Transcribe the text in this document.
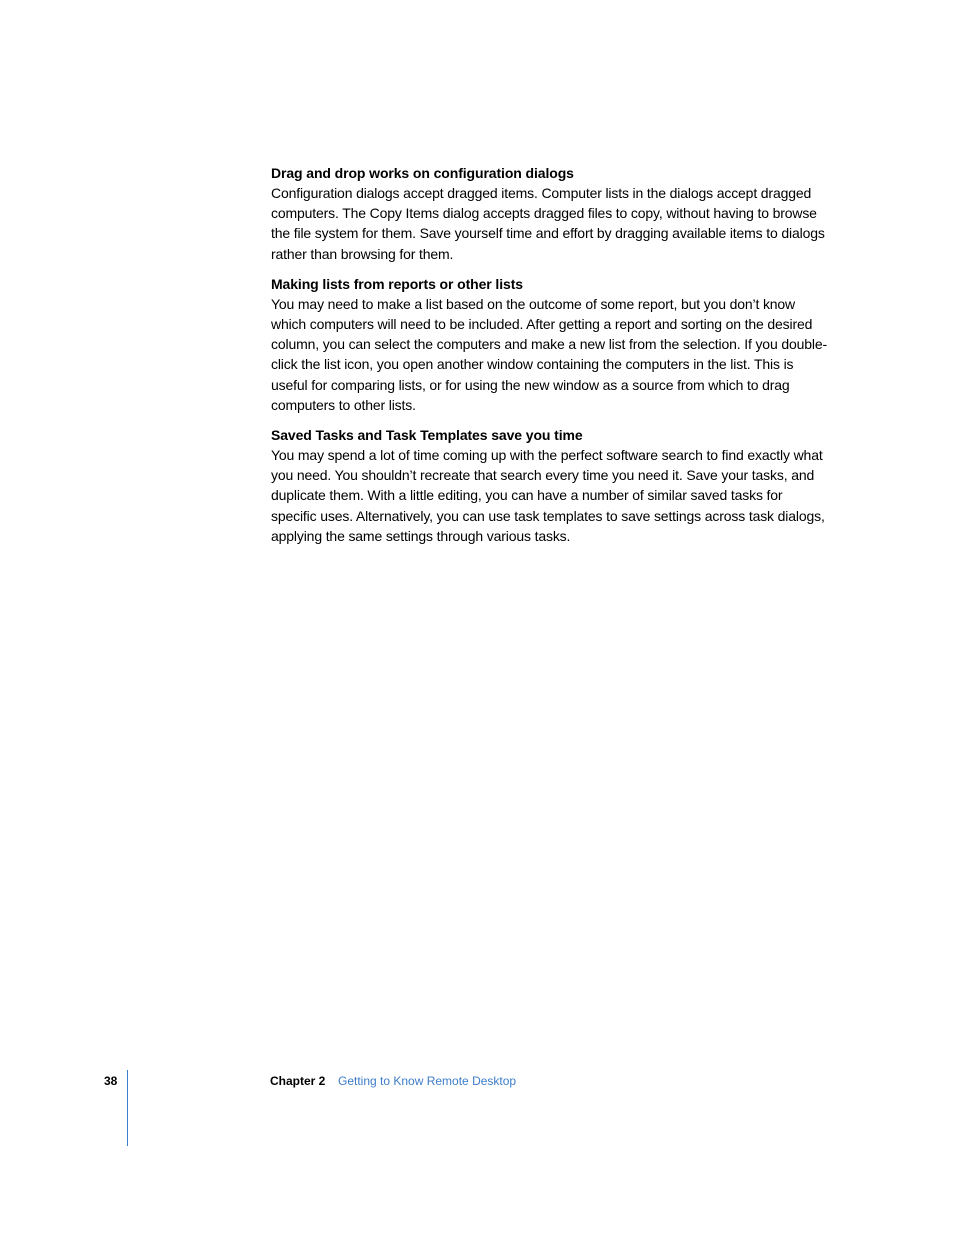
Drag and drop works on configuration dialogs

Configuration dialogs accept dragged items. Computer lists in the dialogs accept dragged computers. The Copy Items dialog accepts dragged files to copy, without having to browse the file system for them. Save yourself time and effort by dragging available items to dialogs rather than browsing for them.

Making lists from reports or other lists

You may need to make a list based on the outcome of some report, but you don’t know which computers will need to be included. After getting a report and sorting on the desired column, you can select the computers and make a new list from the selection. If you double-click the list icon, you open another window containing the computers in the list. This is useful for comparing lists, or for using the new window as a source from which to drag computers to other lists.

Saved Tasks and Task Templates save you time

You may spend a lot of time coming up with the perfect software search to find exactly what you need. You shouldn’t recreate that search every time you need it. Save your tasks, and duplicate them. With a little editing, you can have a number of similar saved tasks for specific uses. Alternatively, you can use task templates to save settings across task dialogs, applying the same settings through various tasks.

38	Chapter 2 Getting to Know Remote Desktop
